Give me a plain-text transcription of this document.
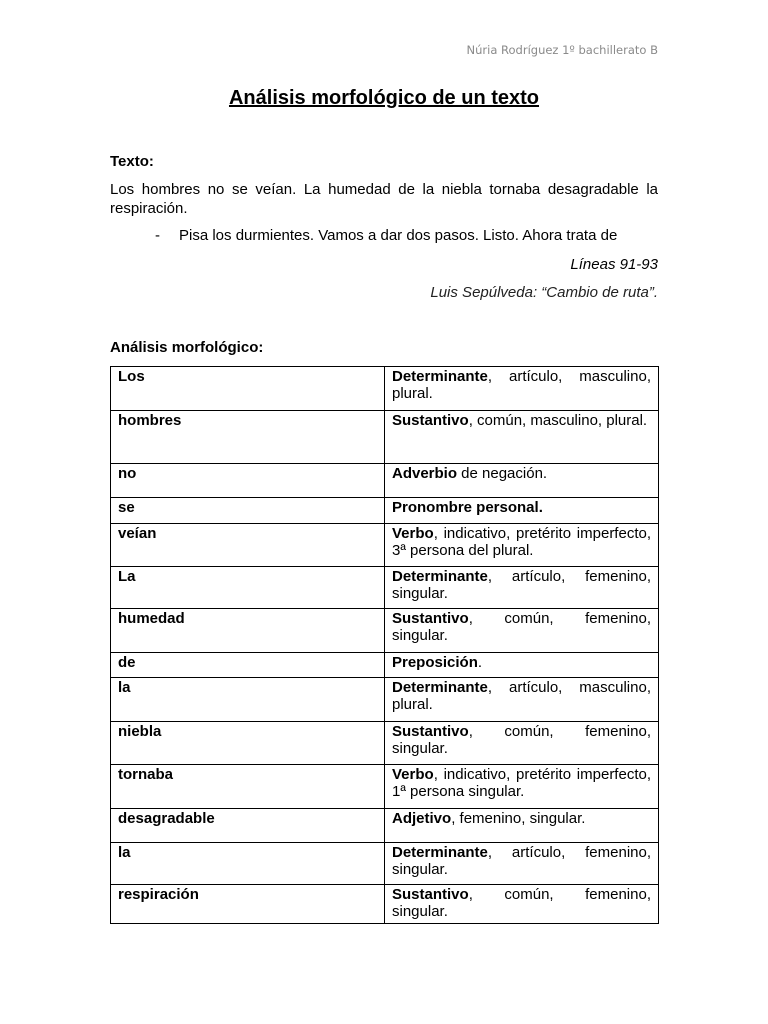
Núria Rodríguez 1º bachillerato B
Análisis morfológico de un texto
Texto:
Los hombres no se veían. La humedad de la niebla tornaba desagradable la respiración.
-	Pisa los durmientes. Vamos a dar dos pasos. Listo. Ahora trata de
Líneas 91-93
Luis Sepúlveda: “Cambio de ruta”.
Análisis morfológico:
Los	Determinante, artículo, masculino, plural.
hombres	Sustantivo, común, masculino, plural.
no	Adverbio de negación.
se	Pronombre personal.
veían	Verbo, indicativo, pretérito imperfecto, 3ª persona del plural.
La	Determinante, artículo, femenino, singular.
humedad	Sustantivo, común, femenino, singular.
de	Preposición.
la	Determinante, artículo, masculino, plural.
niebla	Sustantivo, común, femenino, singular.
tornaba	Verbo, indicativo, pretérito imperfecto, 1ª persona singular.
desagradable	Adjetivo, femenino, singular.
la	Determinante, artículo, femenino, singular.
respiración	Sustantivo, común, femenino, singular.
